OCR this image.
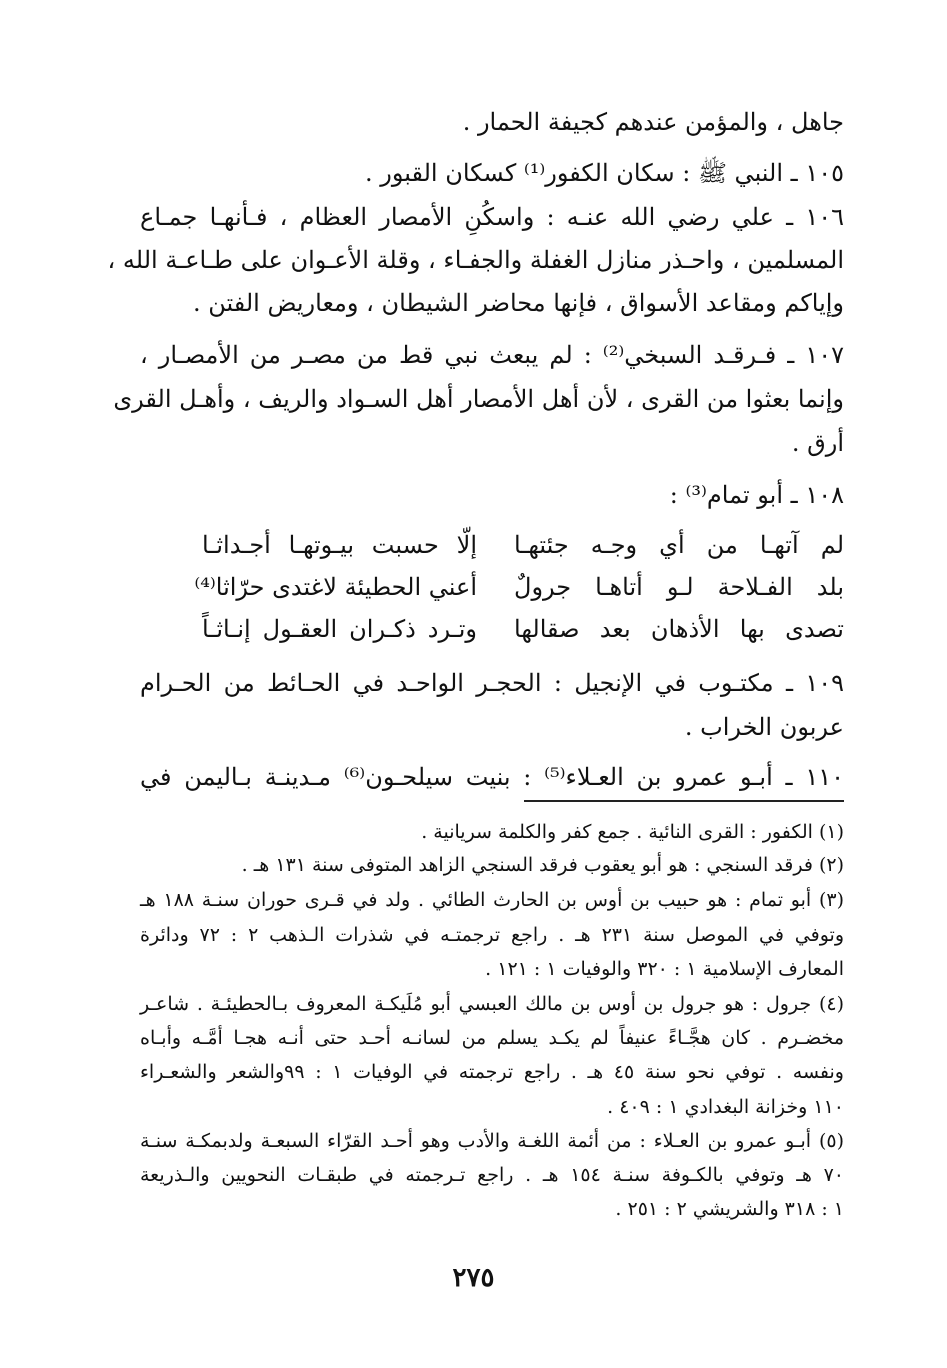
جاهل ، والمؤمن عندهم كجيفة الحمار .
١٠٥ ـ النبي ﷺ : سكان الكفور⁽¹⁾ كسكان القبور .
١٠٦ ـ علي رضي الله عنـه : واسكُنِ الأمصار العظام ، فـأنهـا جمـاع
المسلمين ، واحـذر منازل الغفلة والجفـاء ، وقلة الأعـوان على طـاعـة الله ،
وإياكم ومقاعد الأسواق ، فإنها محاضر الشيطان ، ومعاريض الفتن .
١٠٧ ـ فـرقـد السبخي⁽²⁾ : لم يبعث نبي قط من مصـر من الأمصـار ،
وإنما بعثوا من القرى ، لأن أهل الأمصار أهل السـواد والريف ، وأهـل القرى
أرق .
١٠٨ ـ أبو تمام⁽³⁾ :
لم آتهـا من أي وجـه جئتهـا
إلّا حسبت بيـوتهـا أجـداثـا
بلد الفـلاحة لـو أتاهـا جرولٌ
أعني الحطيئة لاغتدى حرّاثا⁽⁴⁾
تصدى بها الأذهان بعد صقالها
وتـرد ذكـران العقـول إنـاثـاً
١٠٩ ـ مكتـوب في الإنجيل : الحجـر الواحـد في الحـائط من الحـرام
عربون الخراب .
١١٠ ـ أبـو عمرو بن العـلاء⁽⁵⁾ : بنيت سيلحـون⁽⁶⁾ مـدينـة بـاليمن في
(١) الكفور : القرى النائية . جمع كفر والكلمة سريانية .
(٢) فرقد السنجي : هو أبو يعقوب فرقد السنجي الزاهد المتوفى سنة ١٣١ هـ .
(٣) أبو تمام : هو حبيب بن أوس بن الحارث الطائي . ولد في قـرى حوران سنـة ١٨٨ هـ
وتوفي في الموصل سنة ٢٣١ هـ . راجع ترجمتـه في شذرات الـذهب ٢ : ٧٢ ودائرة
المعارف الإسلامية ١ : ٣٢٠ والوفيات ١ : ١٢١ .
(٤) جرول : هو جرول بن أوس بن مالك العبسي أبو مُلَيكـة المعروف بـالحطيئـة . شاعـر
مخضـرم . كان هجَّـاءً عنيفاً لم يكـد يسلم من لسانـه أحـد حتى أنـه هجـا أمَّـه وأبـاه
ونفسه . توفي نحو سنة ٤٥ هـ . راجع ترجمته في الوفيات ١ : ٩٩والشعر والشعـراء
١١٠ وخزانة البغدادي ١ : ٤٠٩ .
(٥) أبـو عمرو بن العـلاء : من أئمة اللغـة والأدب وهو أحـد القرّاء السبعـة ولدبمكـة سنـة
٧٠ هـ وتوفي بالكـوفة سنـة ١٥٤ هـ . راجع تـرجمته في طبقـات النحويين والـذريعة
١ : ٣١٨ والشريشي ٢ : ٢٥١ .
٢٧٥
